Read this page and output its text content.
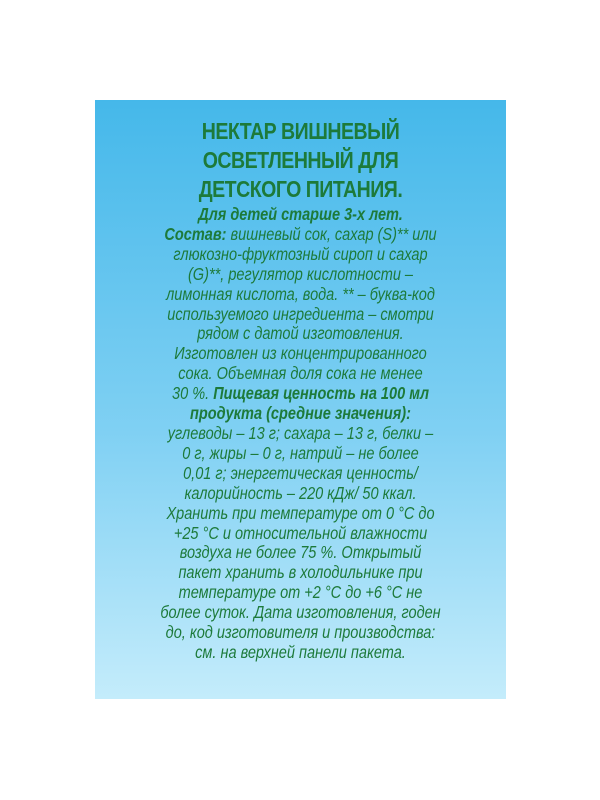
НЕКТАР ВИШНЕВЫЙ
ОСВЕТЛЕННЫЙ ДЛЯ
ДЕТСКОГО ПИТАНИЯ.
Для детей старше 3-х лет.
Состав: вишневый сок, сахар (S)** или
глюкозно-фруктозный сироп и сахар
(G)**, регулятор кислотности –
лимонная кислота, вода. ** – буква-код
используемого ингредиента – смотри
рядом с датой изготовления.
Изготовлен из концентрированного
сока. Объемная доля сока не менее
30 %. Пищевая ценность на 100 мл
продукта (средние значения):
углеводы – 13 г; сахара – 13 г, белки –
0 г, жиры – 0 г, натрий – не более
0,01 г; энергетическая ценность/
калорийность – 220 кДж/ 50 ккал.
Хранить при температуре от 0 °С до
+25 °С и относительной влажности
воздуха не более 75 %. Открытый
пакет хранить в холодильнике при
температуре от +2 °С до +6 °С не
более суток. Дата изготовления, годен
до, код изготовителя и производства:
см. на верхней панели пакета.
